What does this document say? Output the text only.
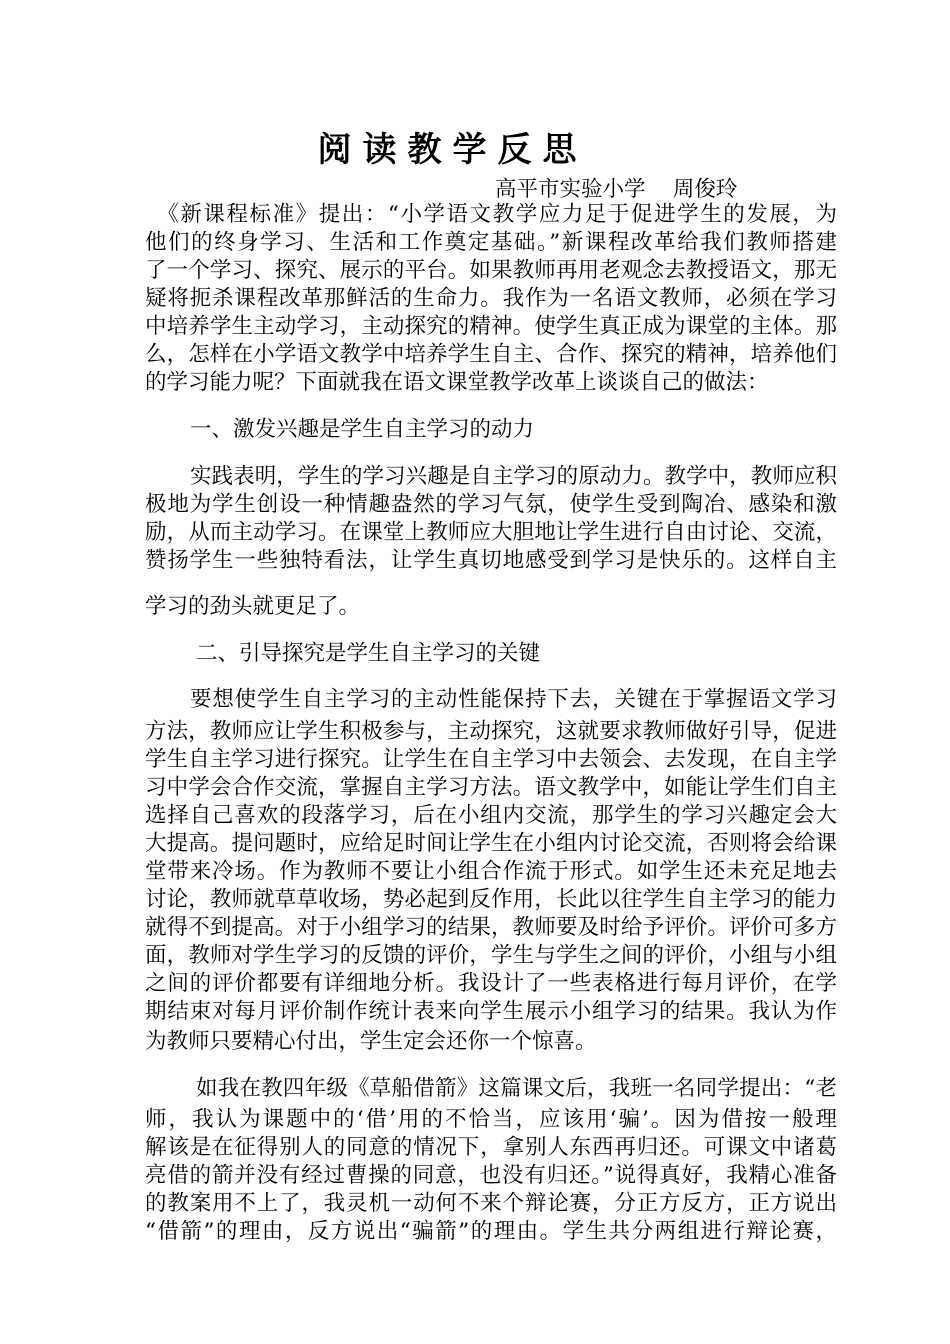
阅读教学反思
高平市实验小学    周俊玲
　《新课程标准》提出：“小学语文教学应力足于促进学生的发展，为
他们的终身学习、生活和工作奠定基础。”新课程改革给我们教师搭建
了一个学习、探究、展示的平台。如果教师再用老观念去教授语文，那无
疑将扼杀课程改革那鲜活的生命力。我作为一名语文教师，必须在学习
中培养学生主动学习，主动探究的精神。使学生真正成为课堂的主体。那
么，怎样在小学语文教学中培养学生自主、合作、探究的精神，培养他们
的学习能力呢？下面就我在语文课堂教学改革上谈谈自己的做法：
一、激发兴趣是学生自主学习的动力
实践表明，学生的学习兴趣是自主学习的原动力。教学中，教师应积
极地为学生创设一种情趣盎然的学习气氛，使学生受到陶冶、感染和激
励，从而主动学习。在课堂上教师应大胆地让学生进行自由讨论、交流，
赞扬学生一些独特看法，让学生真切地感受到学习是快乐的。这样自主
学习的劲头就更足了。
二、引导探究是学生自主学习的关键
要想使学生自主学习的主动性能保持下去，关键在于掌握语文学习
方法，教师应让学生积极参与，主动探究，这就要求教师做好引导，促进
学生自主学习进行探究。让学生在自主学习中去领会、去发现，在自主学
习中学会合作交流，掌握自主学习方法。语文教学中，如能让学生们自主
选择自己喜欢的段落学习，后在小组内交流，那学生的学习兴趣定会大
大提高。提问题时，应给足时间让学生在小组内讨论交流，否则将会给课
堂带来冷场。作为教师不要让小组合作流于形式。如学生还未充足地去
讨论，教师就草草收场，势必起到反作用，长此以往学生自主学习的能力
就得不到提高。对于小组学习的结果，教师要及时给予评价。评价可多方
面，教师对学生学习的反馈的评价，学生与学生之间的评价，小组与小组
之间的评价都要有详细地分析。我设计了一些表格进行每月评价，在学
期结束对每月评价制作统计表来向学生展示小组学习的结果。我认为作
为教师只要精心付出，学生定会还你一个惊喜。
如我在教四年级《草船借箭》这篇课文后，我班一名同学提出：“老
师，我认为课题中的‘借’用的不恰当，应该用‘骗’。因为借按一般理
解该是在征得别人的同意的情况下，拿别人东西再归还。可课文中诸葛
亮借的箭并没有经过曹操的同意，也没有归还。”说得真好，我精心准备
的教案用不上了，我灵机一动何不来个辩论赛，分正方反方，正方说出
“借箭”的理由，反方说出“骗箭”的理由。学生共分两组进行辩论赛，
